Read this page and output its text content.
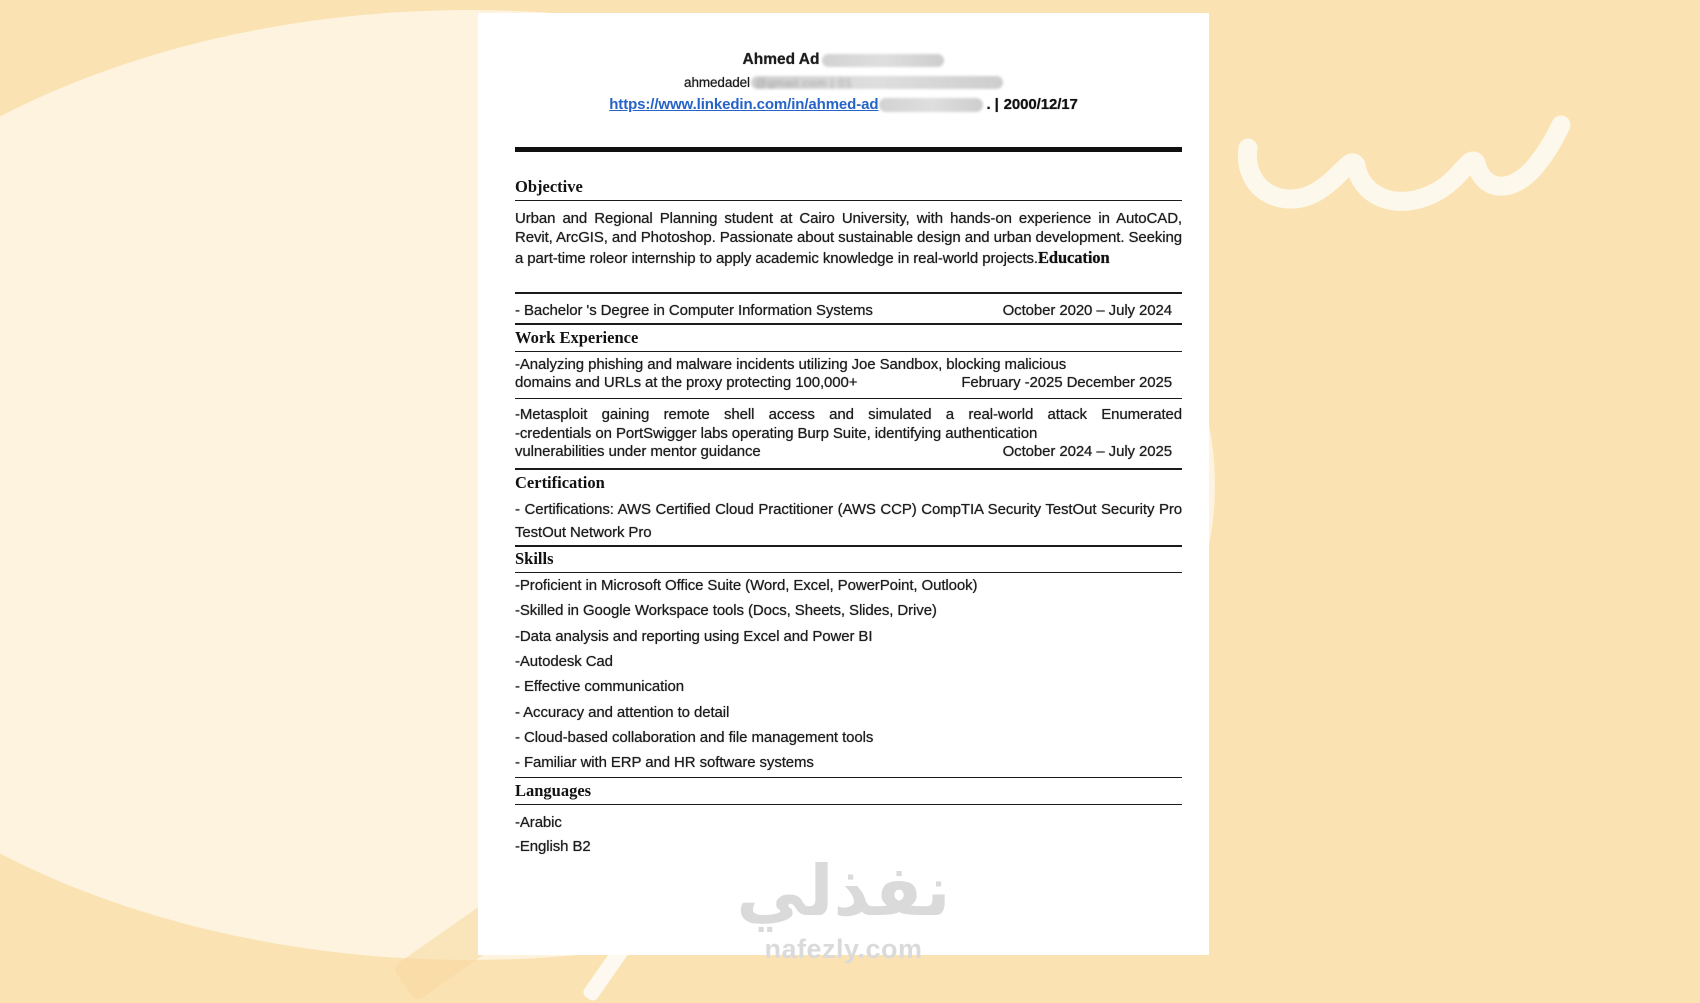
Ahmed Ad
ahmedadel @gmail.com | 01
https://www.linkedin.com/in/ahmed-ad	. | 2000/12/17
Objective
Urban and Regional Planning student at Cairo University, with hands-on experience in AutoCAD, Revit, ArcGIS, and Photoshop. Passionate about sustainable design and urban development. Seeking a part-time roleor internship to apply academic knowledge in real-world projects.Education
- Bachelor 's Degree in Computer Information Systems	October 2020 – July 2024
Work Experience
-Analyzing phishing and malware incidents utilizing Joe Sandbox, blocking malicious
domains and URLs at the proxy protecting 100,000+	February -2025 December 2025
-Metasploit gaining remote shell access and simulated a real-world attack Enumerated
-credentials on PortSwigger labs operating Burp Suite, identifying authentication
vulnerabilities under mentor guidance	October 2024 – July 2025
Certification
- Certifications: AWS Certified Cloud Practitioner (AWS CCP) CompTIA Security TestOut Security Pro TestOut Network Pro
Skills
-Proficient in Microsoft Office Suite (Word, Excel, PowerPoint, Outlook)
-Skilled in Google Workspace tools (Docs, Sheets, Slides, Drive)
-Data analysis and reporting using Excel and Power BI
-Autodesk Cad
- Effective communication
- Accuracy and attention to detail
- Cloud-based collaboration and file management tools
- Familiar with ERP and HR software systems
Languages
-Arabic
-English B2
نفذلي
nafezly.com
